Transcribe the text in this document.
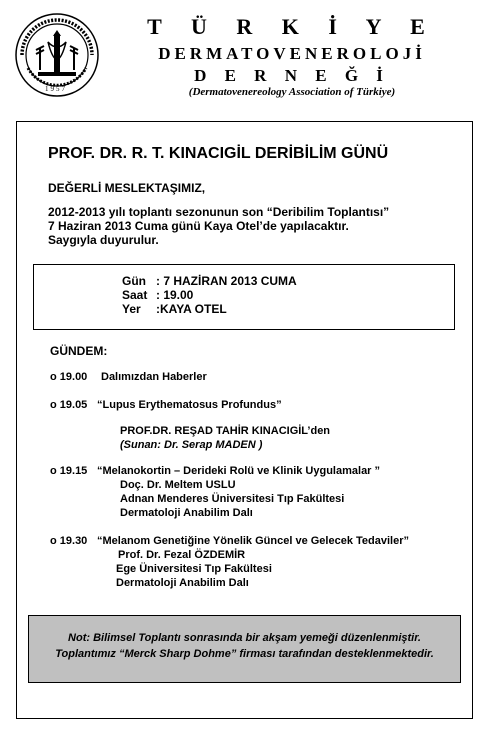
1957
T Ü R K İ Y E
DERMATOVENEROLOJİ
D E R N E Ğ İ
(Dermatovenereology Association of Türkiye)
PROF. DR. R. T. KINACIGİL DERİBİLİM GÜNÜ
DEĞERLİ MESLEKTAŞIMIZ,
2012-2013 yılı toplantı sezonunun son “Deribilim Toplantısı”
7 Haziran 2013 Cuma günü Kaya Otel’de yapılacaktır.
Saygıyla duyurulur.
Gün : 7 HAZİRAN 2013 CUMA
Saat : 19.00
Yer :KAYA OTEL
GÜNDEM:
o 19.00 Dalımızdan Haberler
o 19.05 “Lupus Erythematosus Profundus”
PROF.DR. REŞAD TAHİR KINACIGİL’den
(Sunan: Dr. Serap MADEN )
o 19.15 “Melanokortin – Derideki Rolü ve Klinik Uygulamalar ”
Doç. Dr. Meltem USLU
Adnan Menderes Üniversitesi Tıp Fakültesi
Dermatoloji Anabilim Dalı
o 19.30 “Melanom Genetiğine Yönelik Güncel ve Gelecek Tedaviler”
Prof. Dr. Fezal ÖZDEMİR
Ege Üniversitesi Tıp Fakültesi
Dermatoloji Anabilim Dalı
Not: Bilimsel Toplantı sonrasında bir akşam yemeği düzenlenmiştir.
Toplantımız “Merck Sharp Dohme” firması tarafından desteklenmektedir.
